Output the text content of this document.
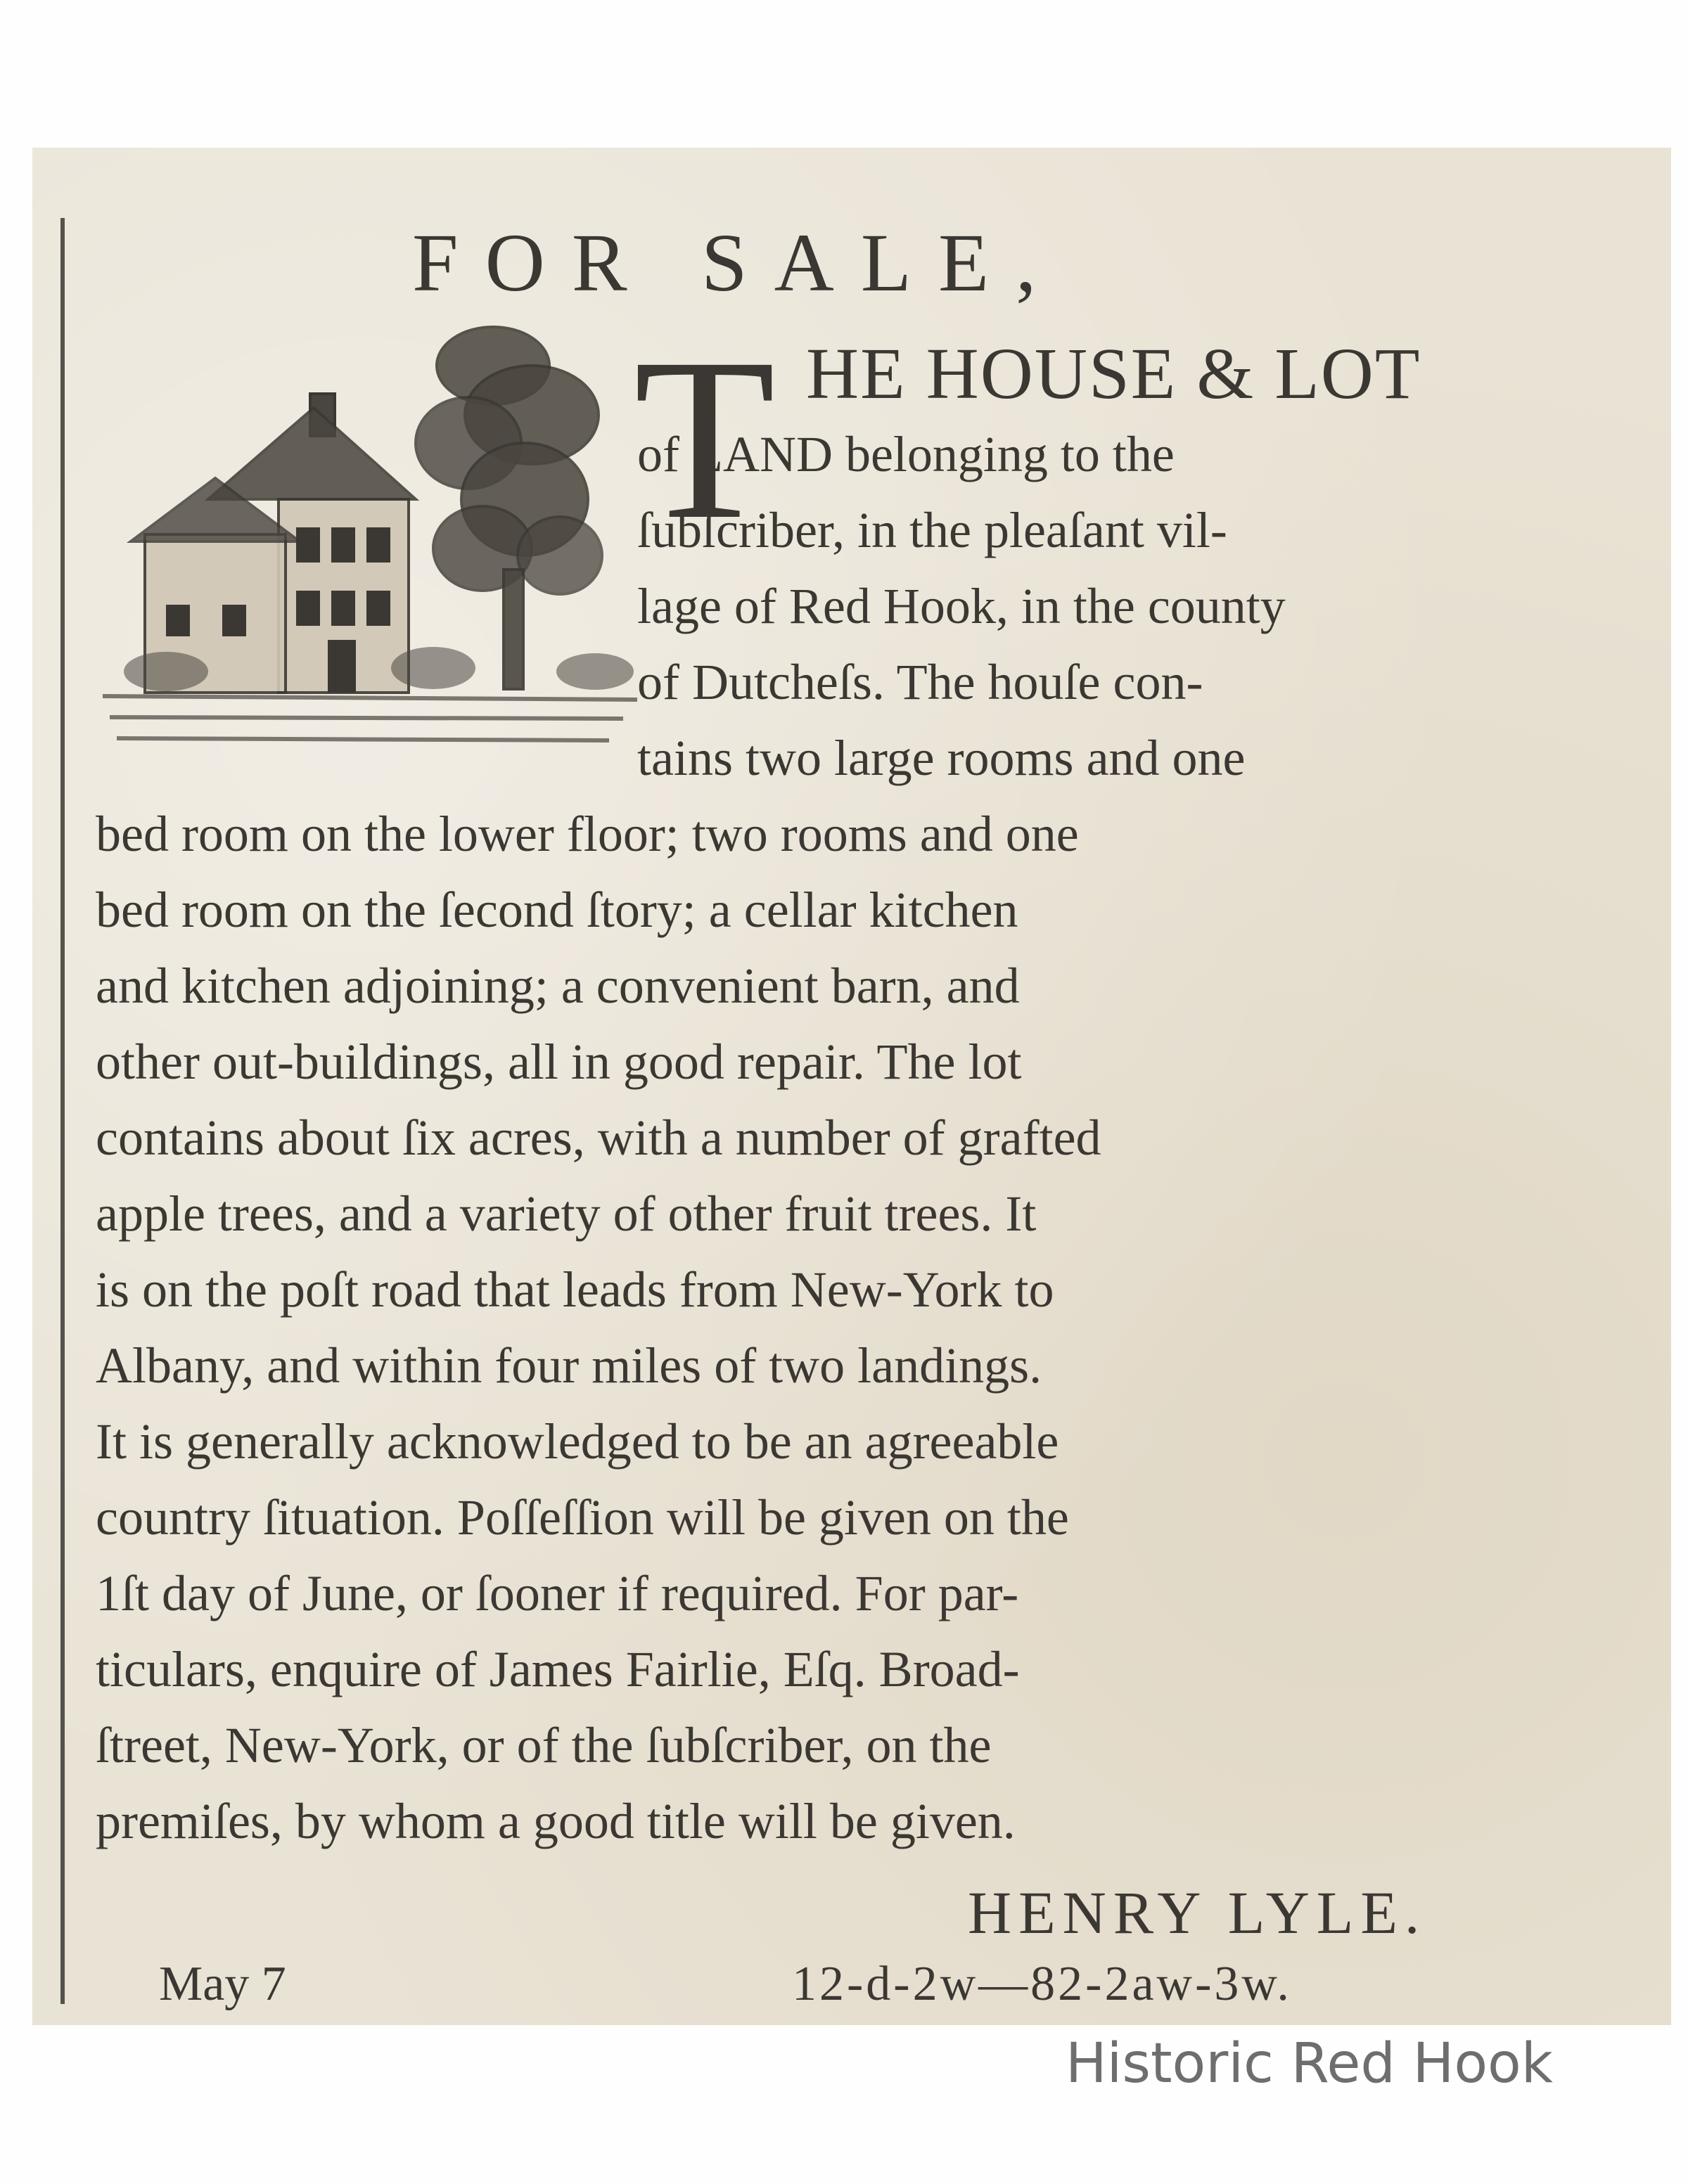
FOR SALE,
T HE HOUSE & LOT
of LAND belonging to the
ſubſcriber, in the pleaſant vil-
lage of Red Hook, in the county
of Dutcheſs. The houſe con-
tains two large rooms and one
bed room on the lower floor; two rooms and one
bed room on the ſecond ſtory; a cellar kitchen
and kitchen adjoining; a convenient barn, and
other out-buildings, all in good repair. The lot
contains about ſix acres, with a number of grafted
apple trees, and a variety of other fruit trees. It
is on the poſt road that leads from New-York to
Albany, and within four miles of two landings.
It is generally acknowledged to be an agreeable
country ſituation. Poſſeſſion will be given on the
1ſt day of June, or ſooner if required. For par-
ticulars, enquire of James Fairlie, Eſq. Broad-
ſtreet, New-York, or of the ſubſcriber, on the
premiſes, by whom a good title will be given.
HENRY LYLE.
May 7	12-d-2w—82-2aw-3w.
Historic Red Hook
